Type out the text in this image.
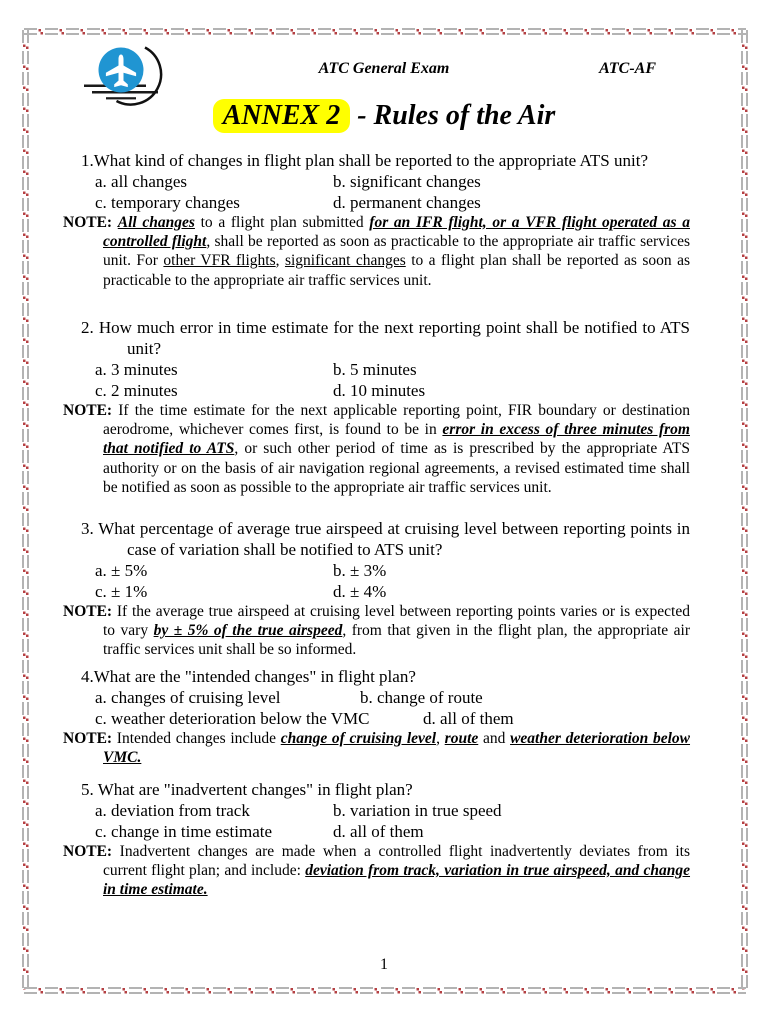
ATC General Exam	ATC-AF
ANNEX 2 - Rules of the Air

1.What kind of changes in flight plan shall be reported to the appropriate ATS unit?

a. all changes	b. significant changes
c. temporary changes	d. permanent changes

NOTE: All changes to a flight plan submitted for an IFR flight, or a VFR flight operated as a controlled flight, shall be reported as soon as practicable to the appropriate air traffic services unit. For other VFR flights, significant changes to a flight plan shall be reported as soon as practicable to the appropriate air traffic services unit.

2. How much error in time estimate for the next reporting point shall be notified to ATS unit?

a. 3 minutes	b. 5 minutes
c. 2 minutes	d. 10 minutes

NOTE: If the time estimate for the next applicable reporting point, FIR boundary or destination aerodrome, whichever comes first, is found to be in error in excess of three minutes from that notified to ATS, or such other period of time as is prescribed by the appropriate ATS authority or on the basis of air navigation regional agreements, a revised estimated time shall be notified as soon as possible to the appropriate air traffic services unit.

3. What percentage of average true airspeed at cruising level between reporting points in case of variation shall be notified to ATS unit?

a. ± 5%	b. ± 3%
c. ± 1%	d. ± 4%

NOTE: If the average true airspeed at cruising level between reporting points varies or is expected to vary by ± 5% of the true airspeed, from that given in the flight plan, the appropriate air traffic services unit shall be so informed.

4.What are the "intended changes" in flight plan?

a. changes of cruising level	b. change of route
c. weather deterioration below the VMC	d. all of them

NOTE: Intended changes include change of cruising level, route and weather deterioration below VMC.

5. What are "inadvertent changes" in flight plan?

a. deviation from track	b. variation in true speed
c. change in time estimate	d. all of them

NOTE: Inadvertent changes are made when a controlled flight inadvertently deviates from its current flight plan; and include: deviation from track, variation in true airspeed, and change in time estimate.

1
